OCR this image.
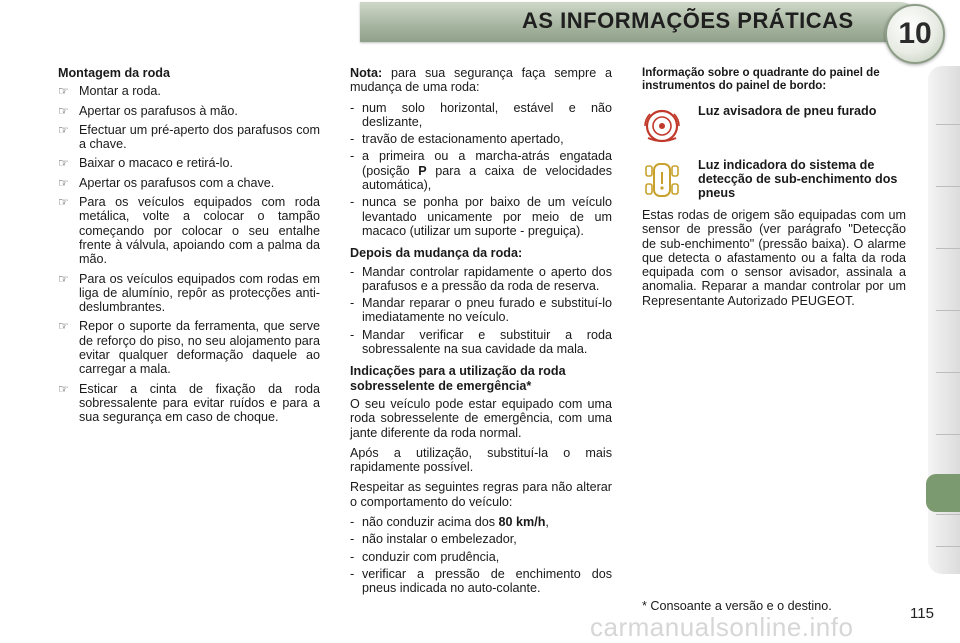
AS INFORMAÇÕES PRÁTICAS 10
Montagem da roda
☞ Montar a roda.
☞ Apertar os parafusos à mão.
☞ Efectuar um pré-aperto dos parafusos com a chave.
☞ Baixar o macaco e retirá-lo.
☞ Apertar os parafusos com a chave.
☞ Para os veículos equipados com roda metálica, volte a colocar o tampão começando por colocar o seu entalhe frente à válvula, apoiando com a palma da mão.
☞ Para os veículos equipados com rodas em liga de alumínio, repôr as protecções anti-deslumbrantes.
☞ Repor o suporte da ferramenta, que serve de reforço do piso, no seu alojamento para evitar qualquer deformação daquele ao carregar a mala.
☞ Esticar a cinta de fixação da roda sobressalente para evitar ruídos e para a sua segurança em caso de choque.
Nota: para sua segurança faça sempre a mudança de uma roda:
- num solo horizontal, estável e não deslizante,
- travão de estacionamento apertado,
- a primeira ou a marcha-atrás engatada (posição P para a caixa de velocidades automática),
- nunca se ponha por baixo de um veículo levantado unicamente por meio de um macaco (utilizar um suporte - preguiça).
Depois da mudança da roda:
- Mandar controlar rapidamente o aperto dos parafusos e a pressão da roda de reserva.
- Mandar reparar o pneu furado e substituí-lo imediatamente no veículo.
- Mandar verificar e substituir a roda sobressalente na sua cavidade da mala.
Indicações para a utilização da roda sobresselente de emergência*
O seu veículo pode estar equipado com uma roda sobresselente de emergência, com uma jante diferente da roda normal.
Após a utilização, substituí-la o mais rapidamente possível.
Respeitar as seguintes regras para não alterar o comportamento do veículo:
- não conduzir acima dos 80 km/h,
- não instalar o embelezador,
- conduzir com prudência,
- verificar a pressão de enchimento dos pneus indicada no auto-colante.
Informação sobre o quadrante do painel de instrumentos do painel de bordo:
Luz avisadora de pneu furado
Luz indicadora do sistema de detecção de sub-enchimento dos pneus
Estas rodas de origem são equipadas com um sensor de pressão (ver parágrafo "Detecção de sub-enchimento" (pressão baixa). O alarme que detecta o afastamento ou a falta da roda equipada com o sensor avisador, assinala a anomalia. Reparar a mandar controlar por um Representante Autorizado PEUGEOT.
* Consoante a versão e o destino.
carmanualsonline.info	115
